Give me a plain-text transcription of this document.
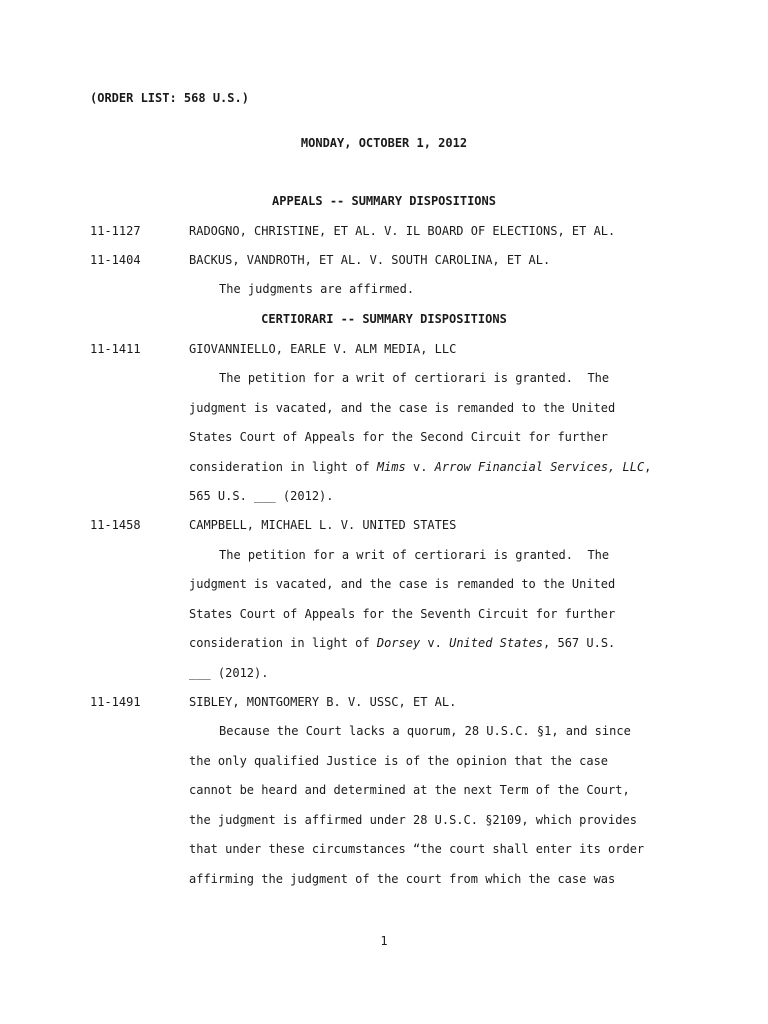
(ORDER LIST: 568 U.S.)
MONDAY, OCTOBER 1, 2012
APPEALS -- SUMMARY DISPOSITIONS
11-1127	RADOGNO, CHRISTINE, ET AL. V. IL BOARD OF ELECTIONS, ET AL.
11-1404	BACKUS, VANDROTH, ET AL. V. SOUTH CAROLINA, ET AL.
The judgments are affirmed.
CERTIORARI -- SUMMARY DISPOSITIONS
11-1411	GIOVANNIELLO, EARLE V. ALM MEDIA, LLC
The petition for a writ of certiorari is granted.  The
judgment is vacated, and the case is remanded to the United
States Court of Appeals for the Second Circuit for further
consideration in light of Mims v. Arrow Financial Services, LLC,
565 U.S. ___ (2012).
11-1458	CAMPBELL, MICHAEL L. V. UNITED STATES
The petition for a writ of certiorari is granted.  The
judgment is vacated, and the case is remanded to the United
States Court of Appeals for the Seventh Circuit for further
consideration in light of Dorsey v. United States, 567 U.S.
___ (2012).
11-1491	SIBLEY, MONTGOMERY B. V. USSC, ET AL.
Because the Court lacks a quorum, 28 U.S.C. §1, and since
the only qualified Justice is of the opinion that the case
cannot be heard and determined at the next Term of the Court,
the judgment is affirmed under 28 U.S.C. §2109, which provides
that under these circumstances “the court shall enter its order
affirming the judgment of the court from which the case was
1
